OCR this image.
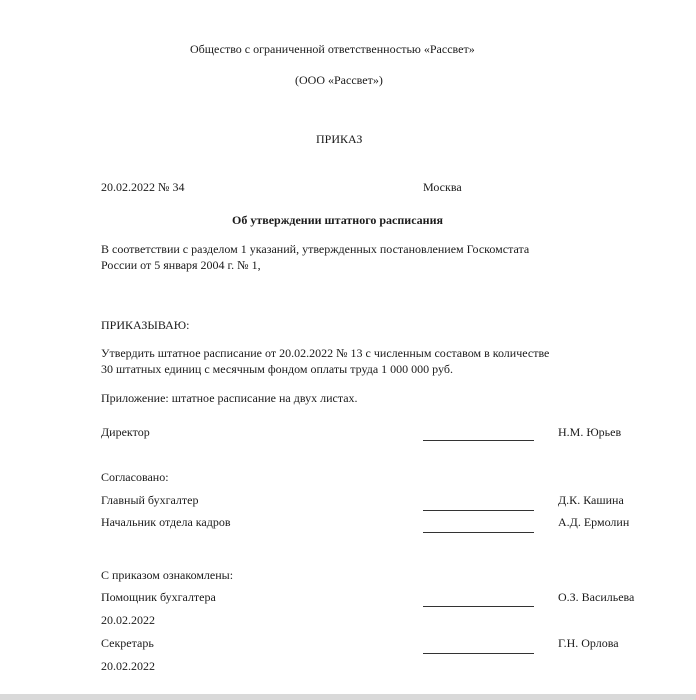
Общество с ограниченной ответственностью «Рассвет»
(ООО «Рассвет»)
ПРИКАЗ
20.02.2022 № 34	Москва
Об утверждении штатного расписания
В соответствии с разделом 1 указаний, утвержденных постановлением Госкомстата
России от 5 января 2004 г. № 1,
ПРИКАЗЫВАЮ:
Утвердить штатное расписание от 20.02.2022 № 13 с численным составом в количестве
30 штатных единиц с месячным фондом оплаты труда 1 000 000 руб.
Приложение: штатное расписание на двух листах.
Директор	Н.М. Юрьев
Согласовано:
Главный бухгалтер	Д.К. Кашина
Начальник отдела кадров	А.Д. Ермолин
С приказом ознакомлены:
Помощник бухгалтера	О.З. Васильева
20.02.2022
Секретарь	Г.Н. Орлова
20.02.2022
